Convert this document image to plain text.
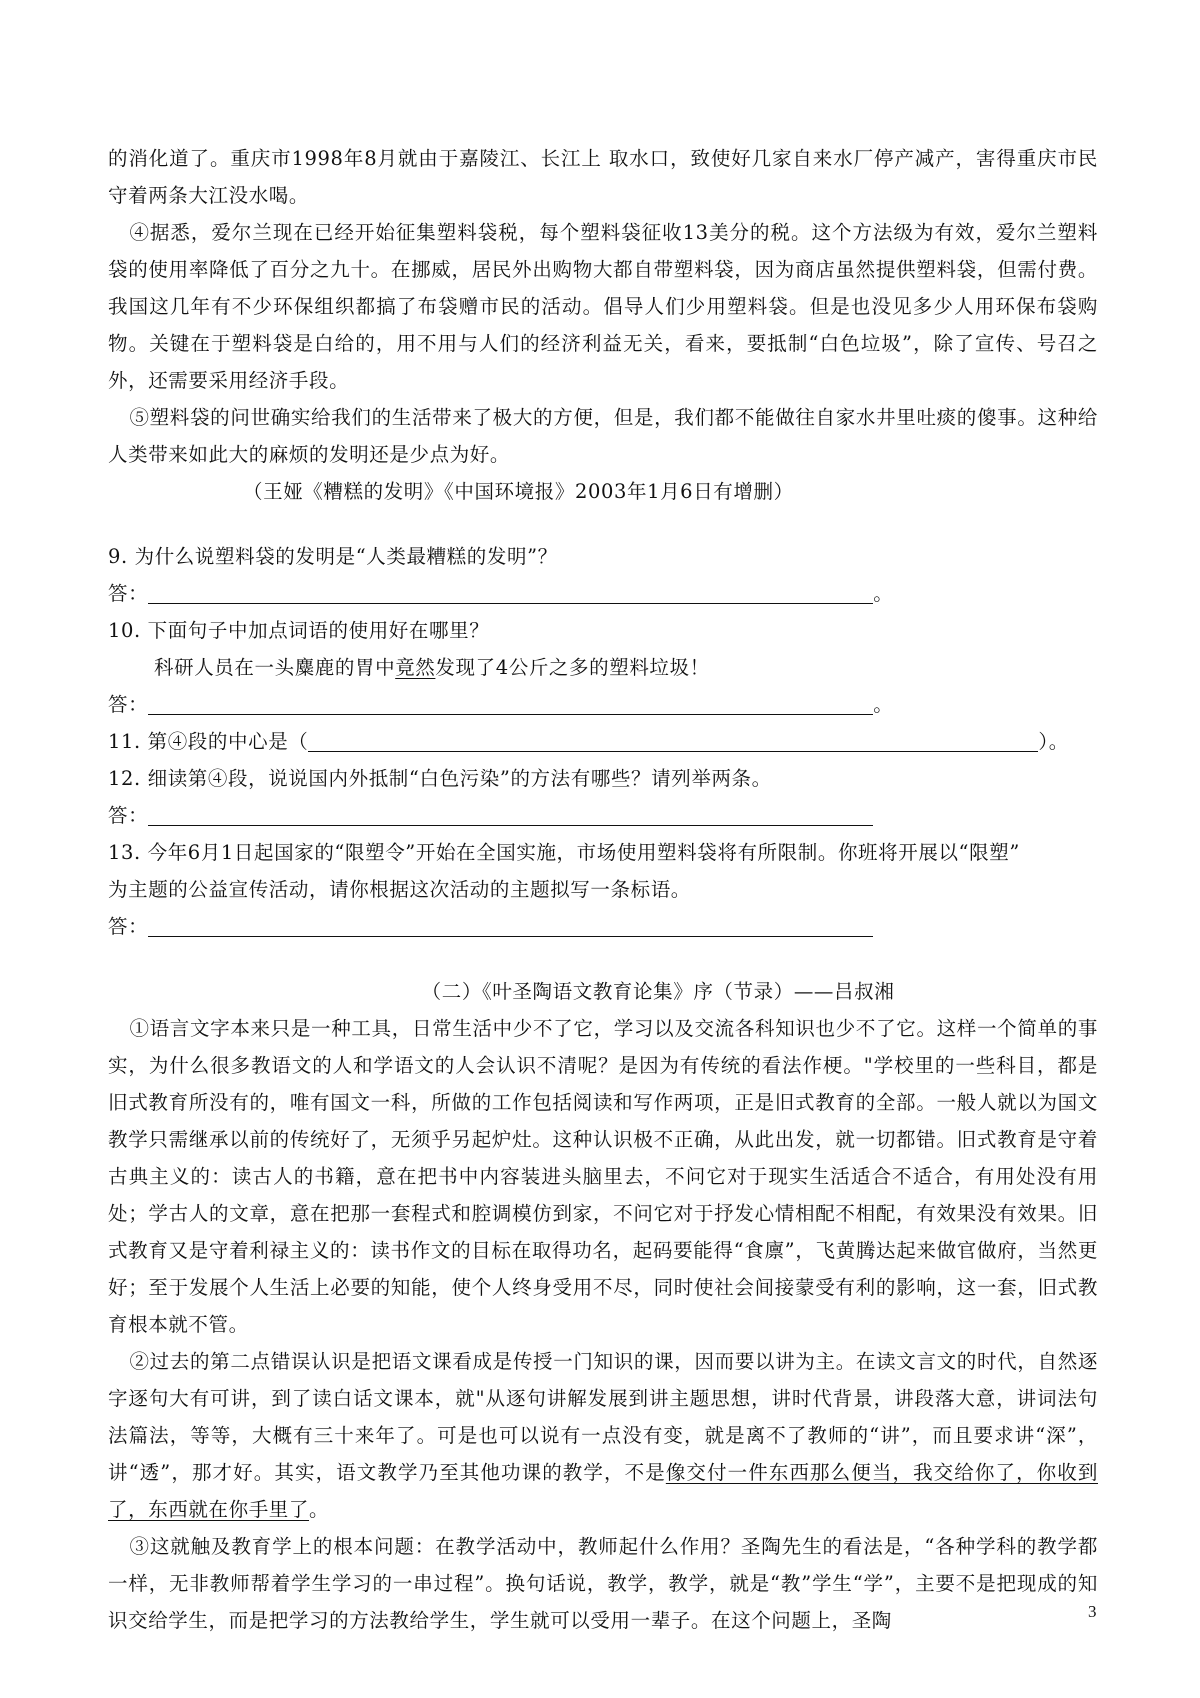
的消化道了。重庆市1998年8月就由于嘉陵江、长江上 取水口，致使好几家自来水厂停产减产，害得重庆市民守着两条大江没水喝。

④据悉，爱尔兰现在已经开始征集塑料袋税，每个塑料袋征收13美分的税。这个方法级为有效，爱尔兰塑料袋的使用率降低了百分之九十。在挪威，居民外出购物大都自带塑料袋，因为商店虽然提供塑料袋，但需付费。我国这几年有不少环保组织都搞了布袋赠市民的活动。倡导人们少用塑料袋。但是也没见多少人用环保布袋购物。关键在于塑料袋是白给的，用不用与人们的经济利益无关，看来，要抵制“白色垃圾”，除了宣传、号召之外，还需要采用经济手段。

⑤塑料袋的问世确实给我们的生活带来了极大的方便，但是，我们都不能做往自家水井里吐痰的傻事。这种给人类带来如此大的麻烦的发明还是少点为好。

（王娅《糟糕的发明》《中国环境报》2003年1月6日有增删）

9. 为什么说塑料袋的发明是“人类最糟糕的发明”？

答：	。

10. 下面句子中加点词语的使用好在哪里？

科研人员在一头麋鹿的胃中竟然发现了4公斤之多的塑料垃圾！

答：	。

11. 第④段的中心是（	）。

12. 细读第④段，说说国内外抵制“白色污染”的方法有哪些？请列举两条。

答：

13. 今年6月1日起国家的“限塑令”开始在全国实施，市场使用塑料袋将有所限制。你班将开展以“限塑”

为主题的公益宣传活动，请你根据这次活动的主题拟写一条标语。

答：

（二）《叶圣陶语文教育论集》序（节录）——吕叔湘

①语言文字本来只是一种工具，日常生活中少不了它，学习以及交流各科知识也少不了它。这样一个简单的事实，为什么很多教语文的人和学语文的人会认识不清呢？是因为有传统的看法作梗。"学校里的一些科目，都是旧式教育所没有的，唯有国文一科，所做的工作包括阅读和写作两项，正是旧式教育的全部。一般人就以为国文教学只需继承以前的传统好了，无须乎另起炉灶。这种认识极不正确，从此出发，就一切都错。旧式教育是守着古典主义的：读古人的书籍，意在把书中内容装进头脑里去，不问它对于现实生活适合不适合，有用处没有用处；学古人的文章，意在把那一套程式和腔调模仿到家，不问它对于抒发心情相配不相配，有效果没有效果。旧式教育又是守着利禄主义的：读书作文的目标在取得功名，起码要能得“食廪”，飞黄腾达起来做官做府，当然更好；至于发展个人生活上必要的知能，使个人终身受用不尽，同时使社会间接蒙受有利的影响，这一套，旧式教育根本就不管。

②过去的第二点错误认识是把语文课看成是传授一门知识的课，因而要以讲为主。在读文言文的时代，自然逐字逐句大有可讲，到了读白话文课本，就"从逐句讲解发展到讲主题思想，讲时代背景，讲段落大意，讲词法句法篇法，等等，大概有三十来年了。可是也可以说有一点没有变，就是离不了教师的“讲”，而且要求讲“深”，讲“透”，那才好。其实，语文教学乃至其他功课的教学，不是像交付一件东西那么便当，我交给你了，你收到了，东西就在你手里了。

③这就触及教育学上的根本问题：在教学活动中，教师起什么作用？圣陶先生的看法是，“各种学科的教学都一样，无非教师帮着学生学习的一串过程”。换句话说，教学，教学，就是“教”学生“学”，主要不是把现成的知识交给学生，而是把学习的方法教给学生，学生就可以受用一辈子。在这个问题上，圣陶	3
